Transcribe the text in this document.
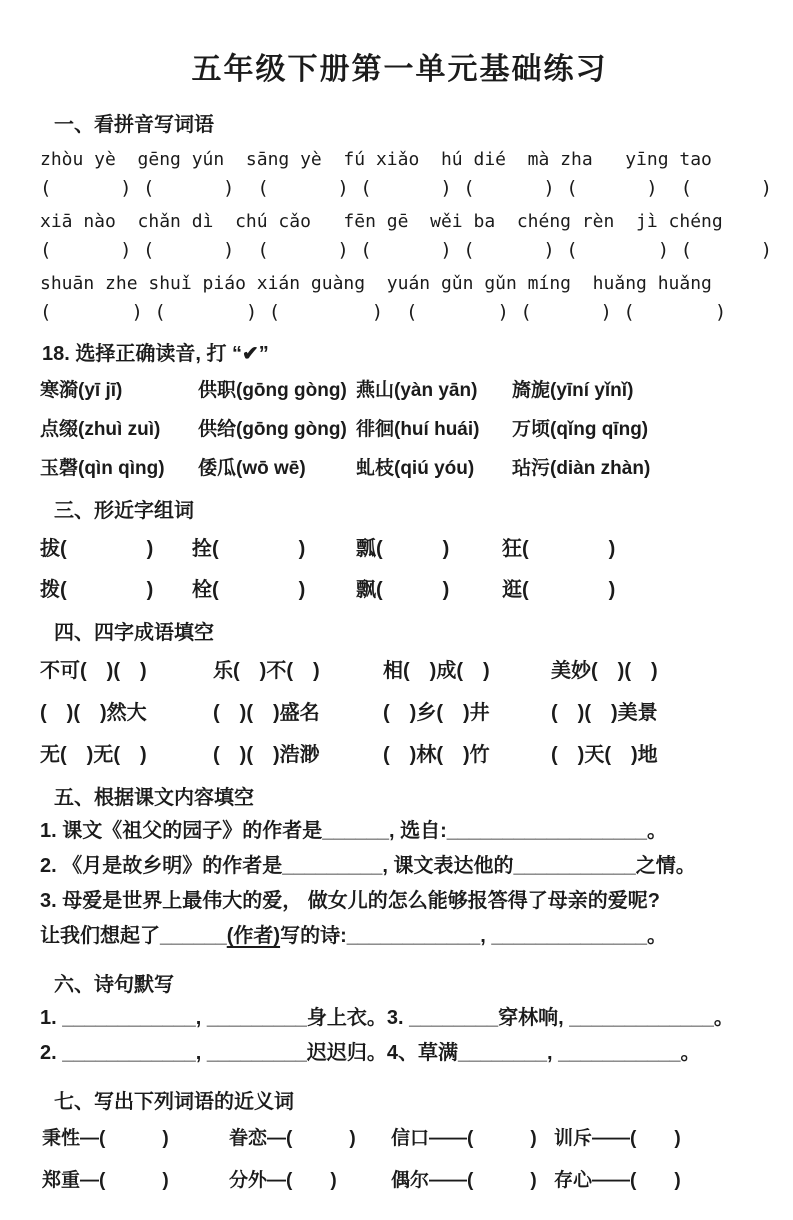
五年级下册第一单元基础练习
一、看拼音写词语
zhòu yè  gēng yún  sāng yè  fú xiǎo  hú dié  mà zha   yīng tao
(      ) (      )  (      ) (      ) (      ) (      )  (      )
xiā nào  chǎn dì  chú cǎo   fēn gē  wěi ba  chéng rèn  jì chéng
(      ) (      )  (      ) (      ) (      ) (       ) (      )
shuān zhe shuǐ piáo xián guàng  yuán gǔn gǔn míng  huǎng huǎng
(       ) (       ) (        )  (       ) (      ) (       )
18. 选择正确读音, 打 “✔”
寒漪(yī jī)	供职(gōng gòng) 燕山(yàn yān)	旖旎(yīní yǐnǐ)
点缀(zhuì zuì)	供给(gōng gòng) 徘徊(huí huái)	万顷(qǐng qīng)
玉磬(qìn qìng)	倭瓜(wō wē)	虬枝(qiú yóu)	玷污(diàn zhàn)
三、形近字组词
拔(　　　　)	拴(　　　　)	瓢(　　　)	狂(　　　　)
拨(　　　　)	栓(　　　　)	飘(　　　)	逛(　　　　)
四、四字成语填空
不可(　)(　)	乐(　)不(　)	相(　)成(　)	美妙(　)(　)
(　)(　)然大	(　)(　)盛名	(　)乡(　)井	(　)(　)美景
无(　)无(　)	(　)(　)浩渺	(　)林(　)竹	(　)天(　)地
五、根据课文内容填空

1. 课文《祖父的园子》的作者是______, 选自:__________________。

2. 《月是故乡明》的作者是_________, 课文表达他的___________之情。

3. 母爱是世界上最伟大的爱， 做女儿的怎么能够报答得了母亲的爱呢?

让我们想起了______(作者)写的诗:____________, ______________。

六、诗句默写

1. ____________, _________身上衣。3. ________穿林响, _____________。

2. ____________, _________迟迟归。4、草满________, ___________。

七、写出下列词语的近义词
秉性—(　　　)	眷恋—(　　　)	信口——(　　　) 训斥——(　　)
郑重—(　　　)	分外—(　　)	偶尔——(　　　) 存心——(　　)
